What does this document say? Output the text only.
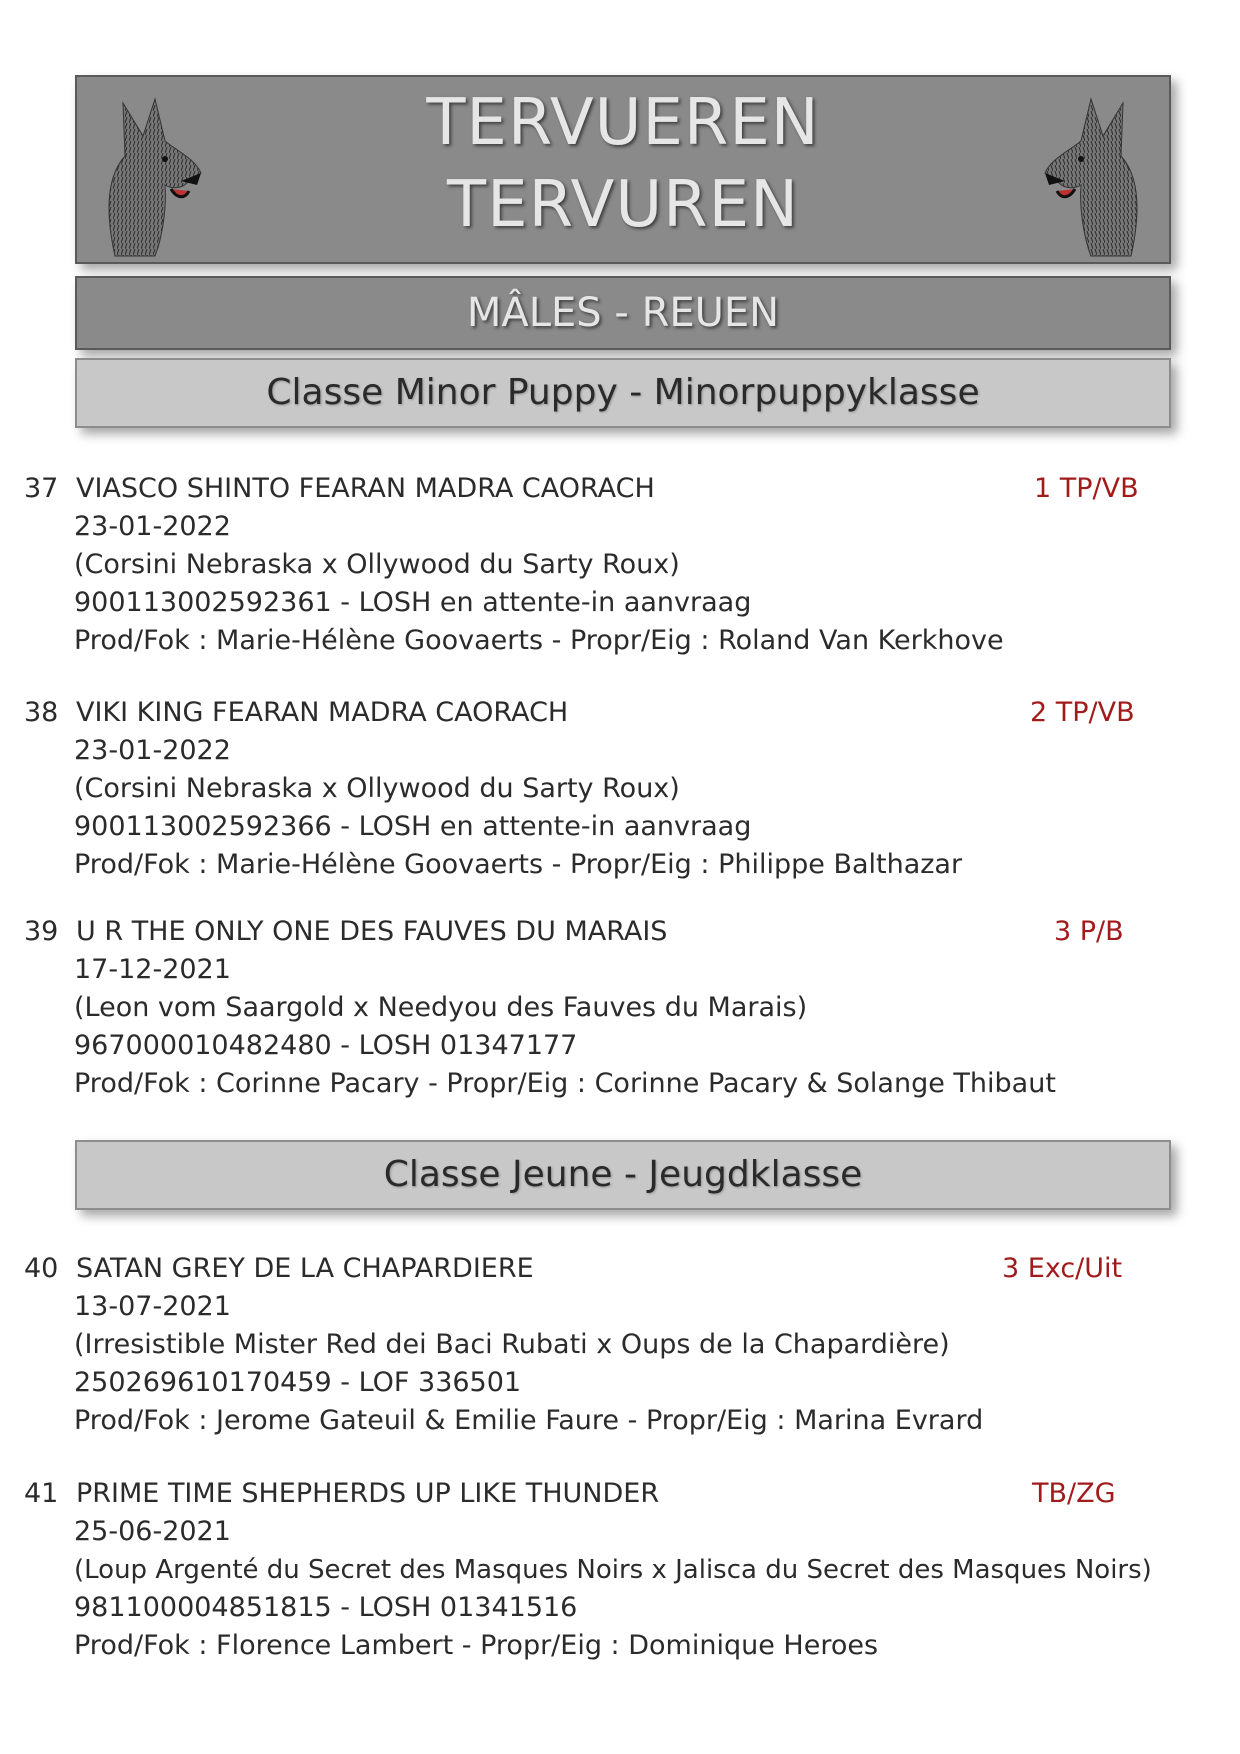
TERVUEREN
TERVUREN
MÂLES - REUEN
Classe Minor Puppy - Minorpuppyklasse
37 VIASCO SHINTO FEARAN MADRA CAORACH	1 TP/VB
23-01-2022
(Corsini Nebraska x Ollywood du Sarty Roux)
900113002592361 - LOSH en attente-in aanvraag
Prod/Fok : Marie-Hélène Goovaerts - Propr/Eig : Roland Van Kerkhove
38 VIKI KING FEARAN MADRA CAORACH	2 TP/VB
23-01-2022
(Corsini Nebraska x Ollywood du Sarty Roux)
900113002592366 - LOSH en attente-in aanvraag
Prod/Fok : Marie-Hélène Goovaerts - Propr/Eig : Philippe Balthazar
39 U R THE ONLY ONE DES FAUVES DU MARAIS	3 P/B
17-12-2021
(Leon vom Saargold x Needyou des Fauves du Marais)
967000010482480 - LOSH 01347177
Prod/Fok : Corinne Pacary - Propr/Eig : Corinne Pacary & Solange Thibaut
Classe Jeune - Jeugdklasse
40 SATAN GREY DE LA CHAPARDIERE	3 Exc/Uit
13-07-2021
(Irresistible Mister Red dei Baci Rubati x Oups de la Chapardière)
250269610170459 - LOF 336501
Prod/Fok : Jerome Gateuil & Emilie Faure - Propr/Eig : Marina Evrard
41 PRIME TIME SHEPHERDS UP LIKE THUNDER	TB/ZG
25-06-2021
(Loup Argenté du Secret des Masques Noirs x Jalisca du Secret des Masques Noirs)
981100004851815 - LOSH 01341516
Prod/Fok : Florence Lambert - Propr/Eig : Dominique Heroes
